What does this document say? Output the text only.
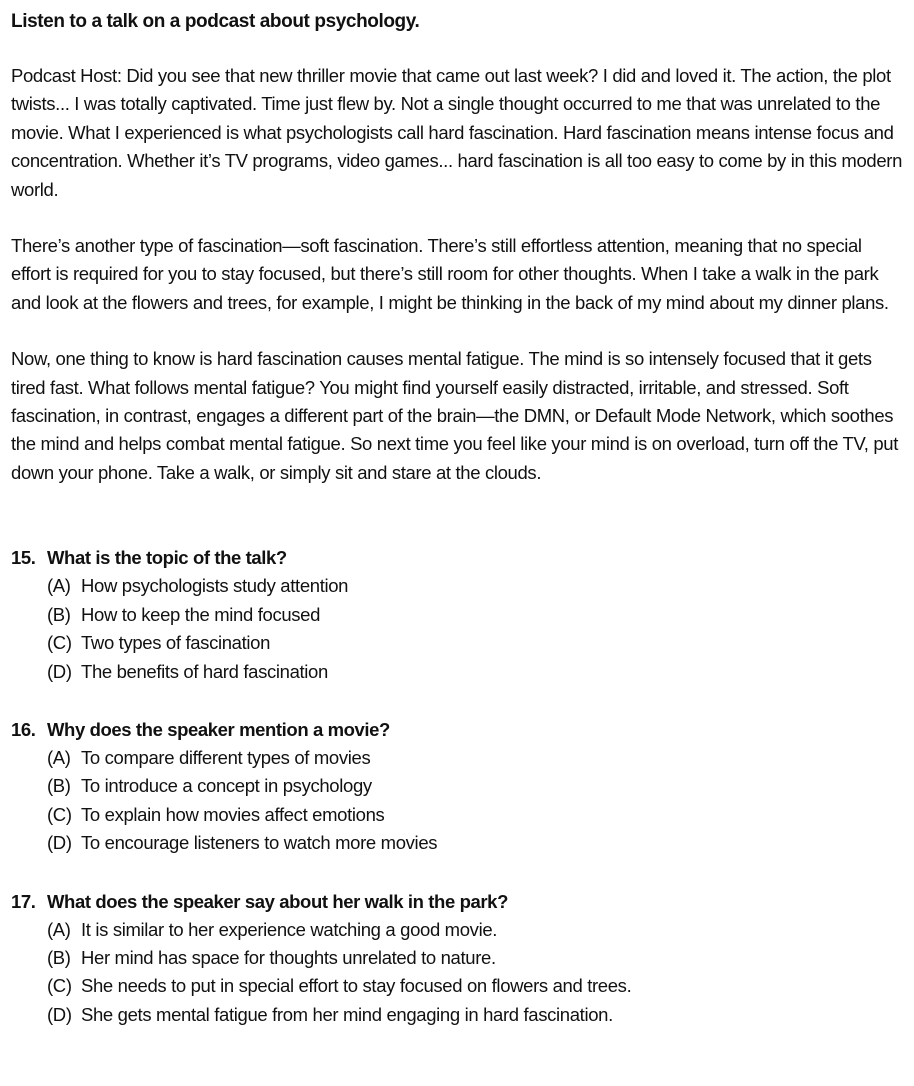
Listen to a talk on a podcast about psychology.

Podcast Host: Did you see that new thriller movie that came out last week? I did and loved it. The action, the plot twists... I was totally captivated. Time just flew by. Not a single thought occurred to me that was unrelated to the movie. What I experienced is what psychologists call hard fascination. Hard fascination means intense focus and concentration. Whether it’s TV programs, video games... hard fascination is all too easy to come by in this modern world.

There’s another type of fascination—soft fascination. There’s still effortless attention, meaning that no special effort is required for you to stay focused, but there’s still room for other thoughts. When I take a walk in the park and look at the flowers and trees, for example, I might be thinking in the back of my mind about my dinner plans.

Now, one thing to know is hard fascination causes mental fatigue. The mind is so intensely focused that it gets tired fast. What follows mental fatigue? You might find yourself easily distracted, irritable, and stressed. Soft fascination, in contrast, engages a different part of the brain—the DMN, or Default Mode Network, which soothes the mind and helps combat mental fatigue. So next time you feel like your mind is on overload, turn off the TV, put down your phone. Take a walk, or simply sit and stare at the clouds.

15. What is the topic of the talk?
(A) How psychologists study attention
(B) How to keep the mind focused
(C) Two types of fascination
(D) The benefits of hard fascination
16. Why does the speaker mention a movie?
(A) To compare different types of movies
(B) To introduce a concept in psychology
(C) To explain how movies affect emotions
(D) To encourage listeners to watch more movies
17. What does the speaker say about her walk in the park?
(A) It is similar to her experience watching a good movie.
(B) Her mind has space for thoughts unrelated to nature.
(C) She needs to put in special effort to stay focused on flowers and trees.
(D) She gets mental fatigue from her mind engaging in hard fascination.
